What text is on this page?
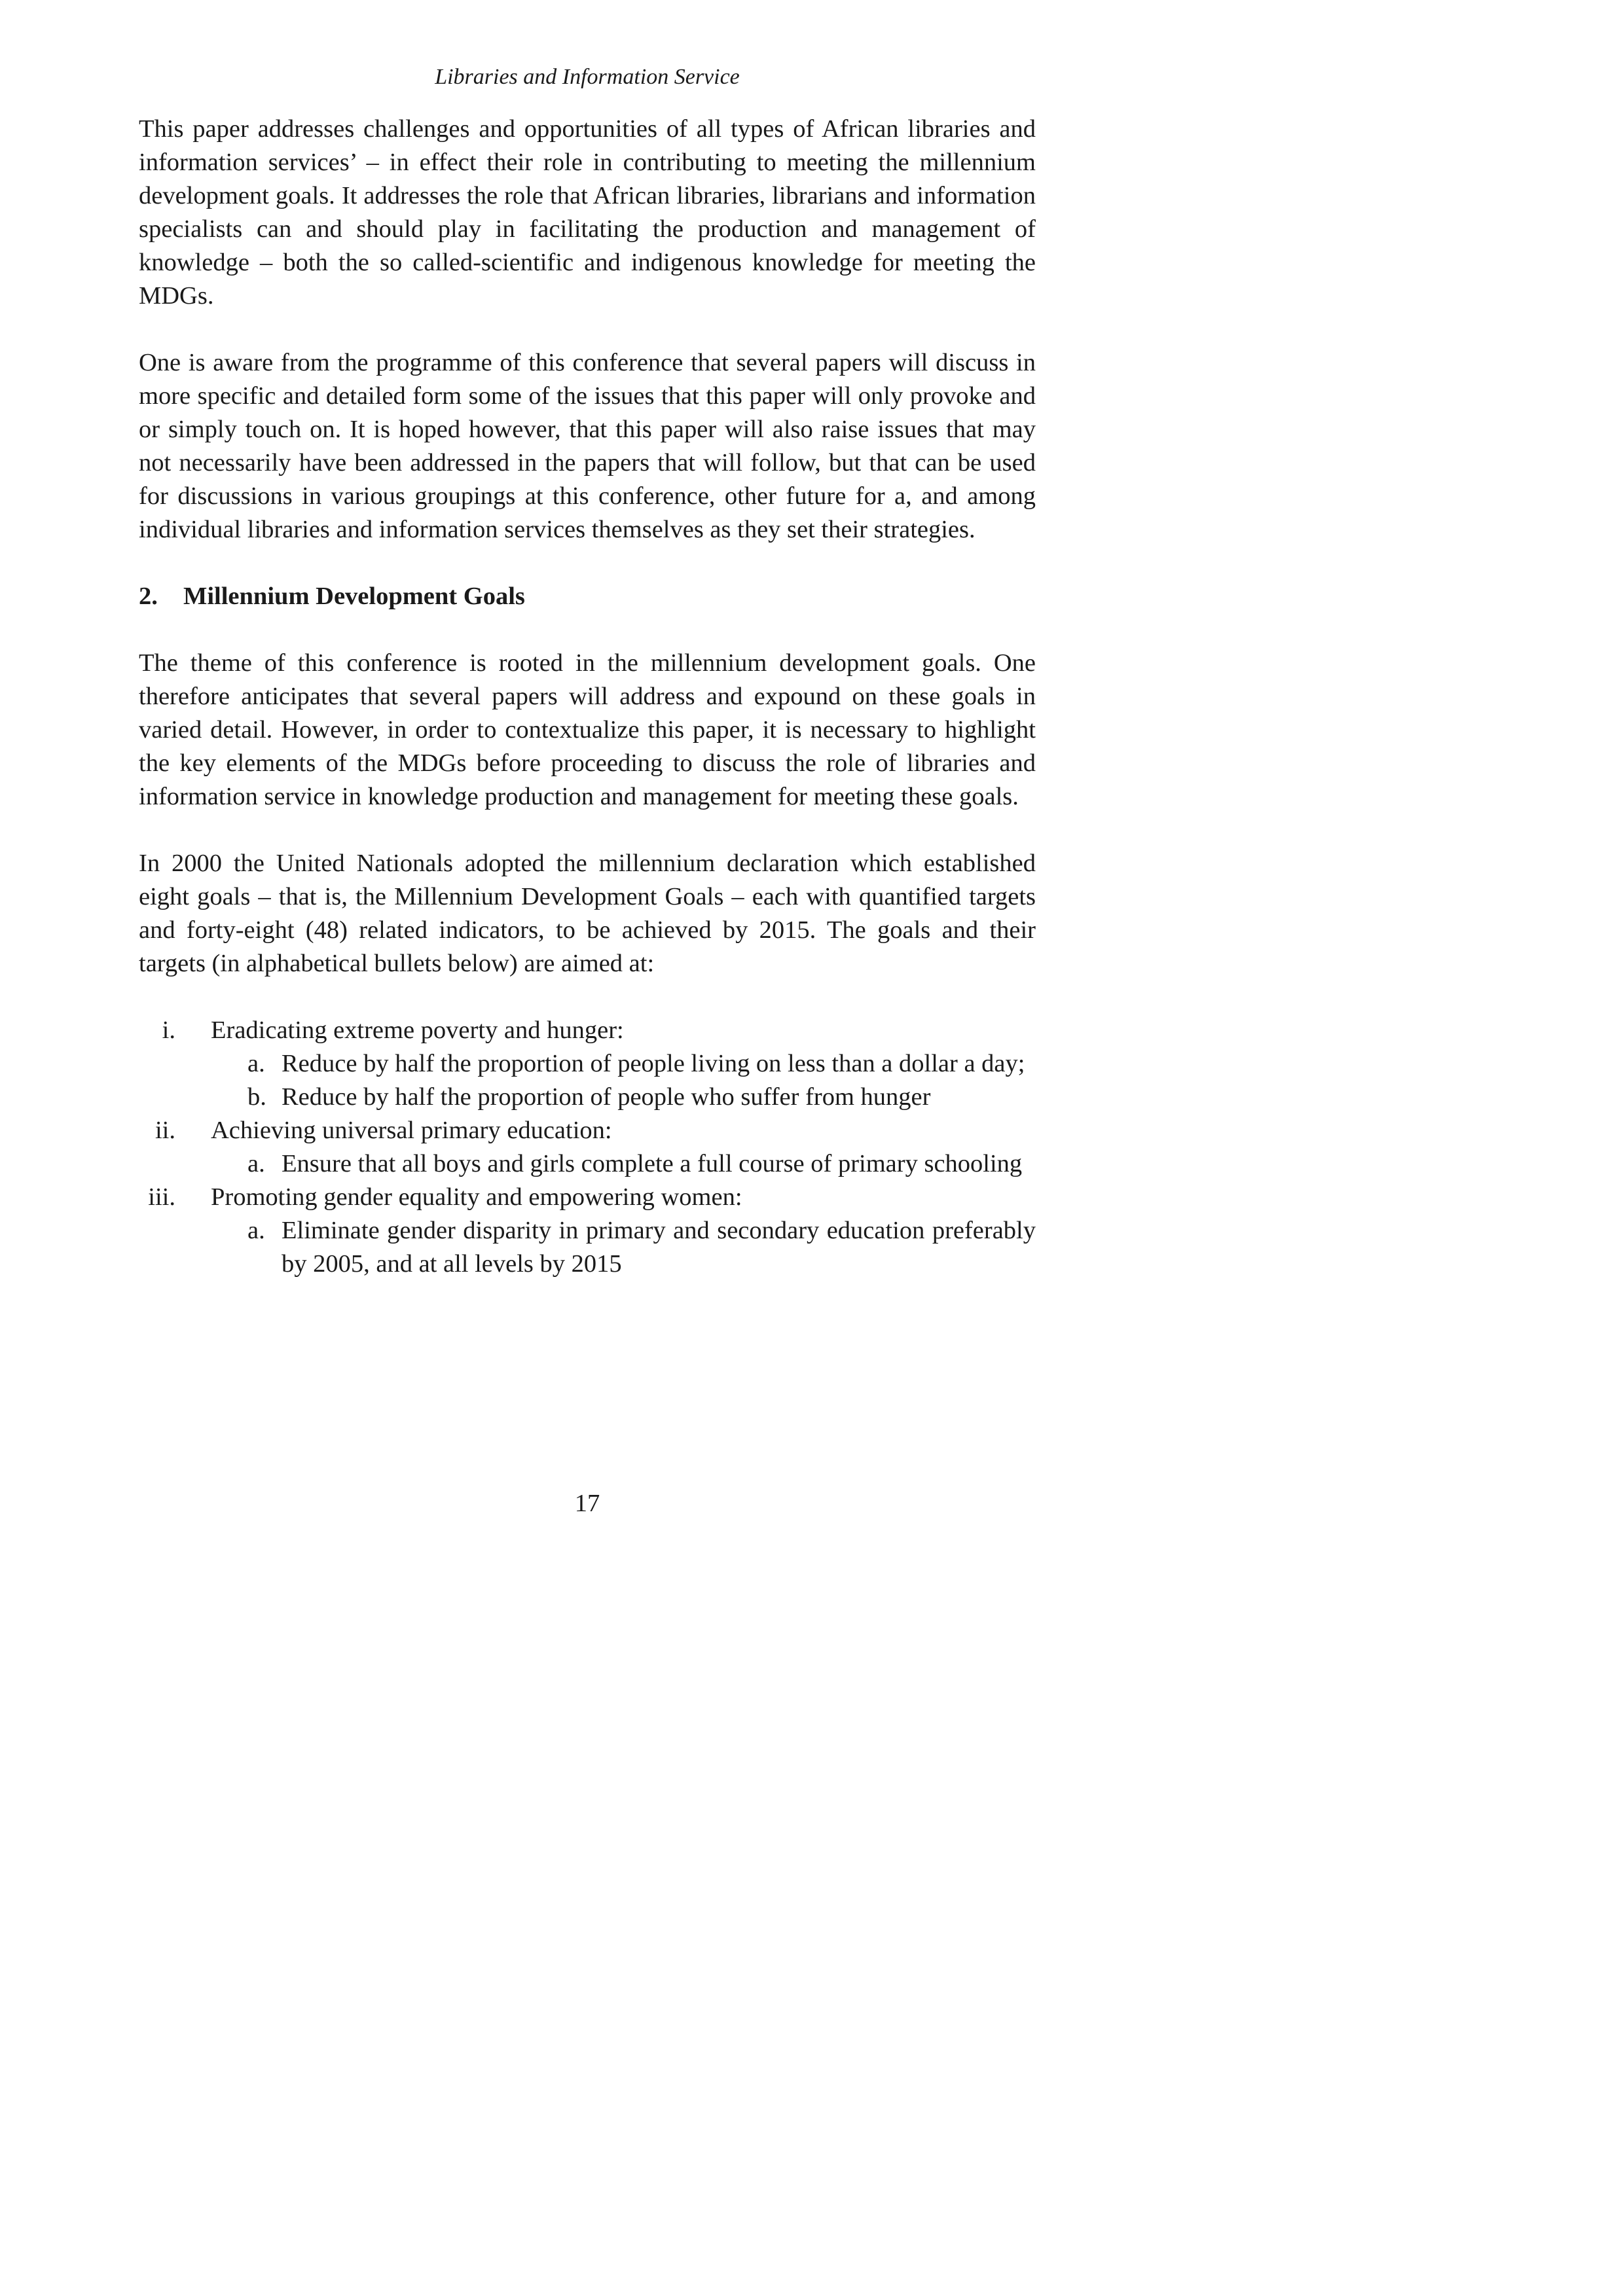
Libraries and Information Service

This paper addresses challenges and opportunities of all types of African libraries and information services’ – in effect their role in contributing to meeting the millennium development goals. It addresses the role that African libraries, librarians and information specialists can and should play in facilitating the production and management of knowledge – both the so called-scientific and indigenous knowledge for meeting the MDGs.

One is aware from the programme of this conference that several papers will discuss in more specific and detailed form some of the issues that this paper will only provoke and or simply touch on. It is hoped however, that this paper will also raise issues that may not necessarily have been addressed in the papers that will follow, but that can be used for discussions in various groupings at this conference, other future for a, and among individual libraries and information services themselves as they set their strategies.

2.	Millennium Development Goals

The theme of this conference is rooted in the millennium development goals. One therefore anticipates that several papers will address and expound on these goals in varied detail. However, in order to contextualize this paper, it is necessary to highlight the key elements of the MDGs before proceeding to discuss the role of libraries and information service in knowledge production and management for meeting these goals.

In 2000 the United Nationals adopted the millennium declaration which established eight goals – that is, the Millennium Development Goals – each with quantified targets and forty-eight (48) related indicators, to be achieved by 2015. The goals and their targets (in alphabetical bullets below) are aimed at:

i. Eradicating extreme poverty and hunger:
a. Reduce by half the proportion of people living on less than a dollar a day;
b. Reduce by half the proportion of people who suffer from hunger
ii. Achieving universal primary education:
a. Ensure that all boys and girls complete a full course of primary schooling
iii. Promoting gender equality and empowering women:
a. Eliminate gender disparity in primary and secondary education preferably by 2005, and at all levels by 2015
17
